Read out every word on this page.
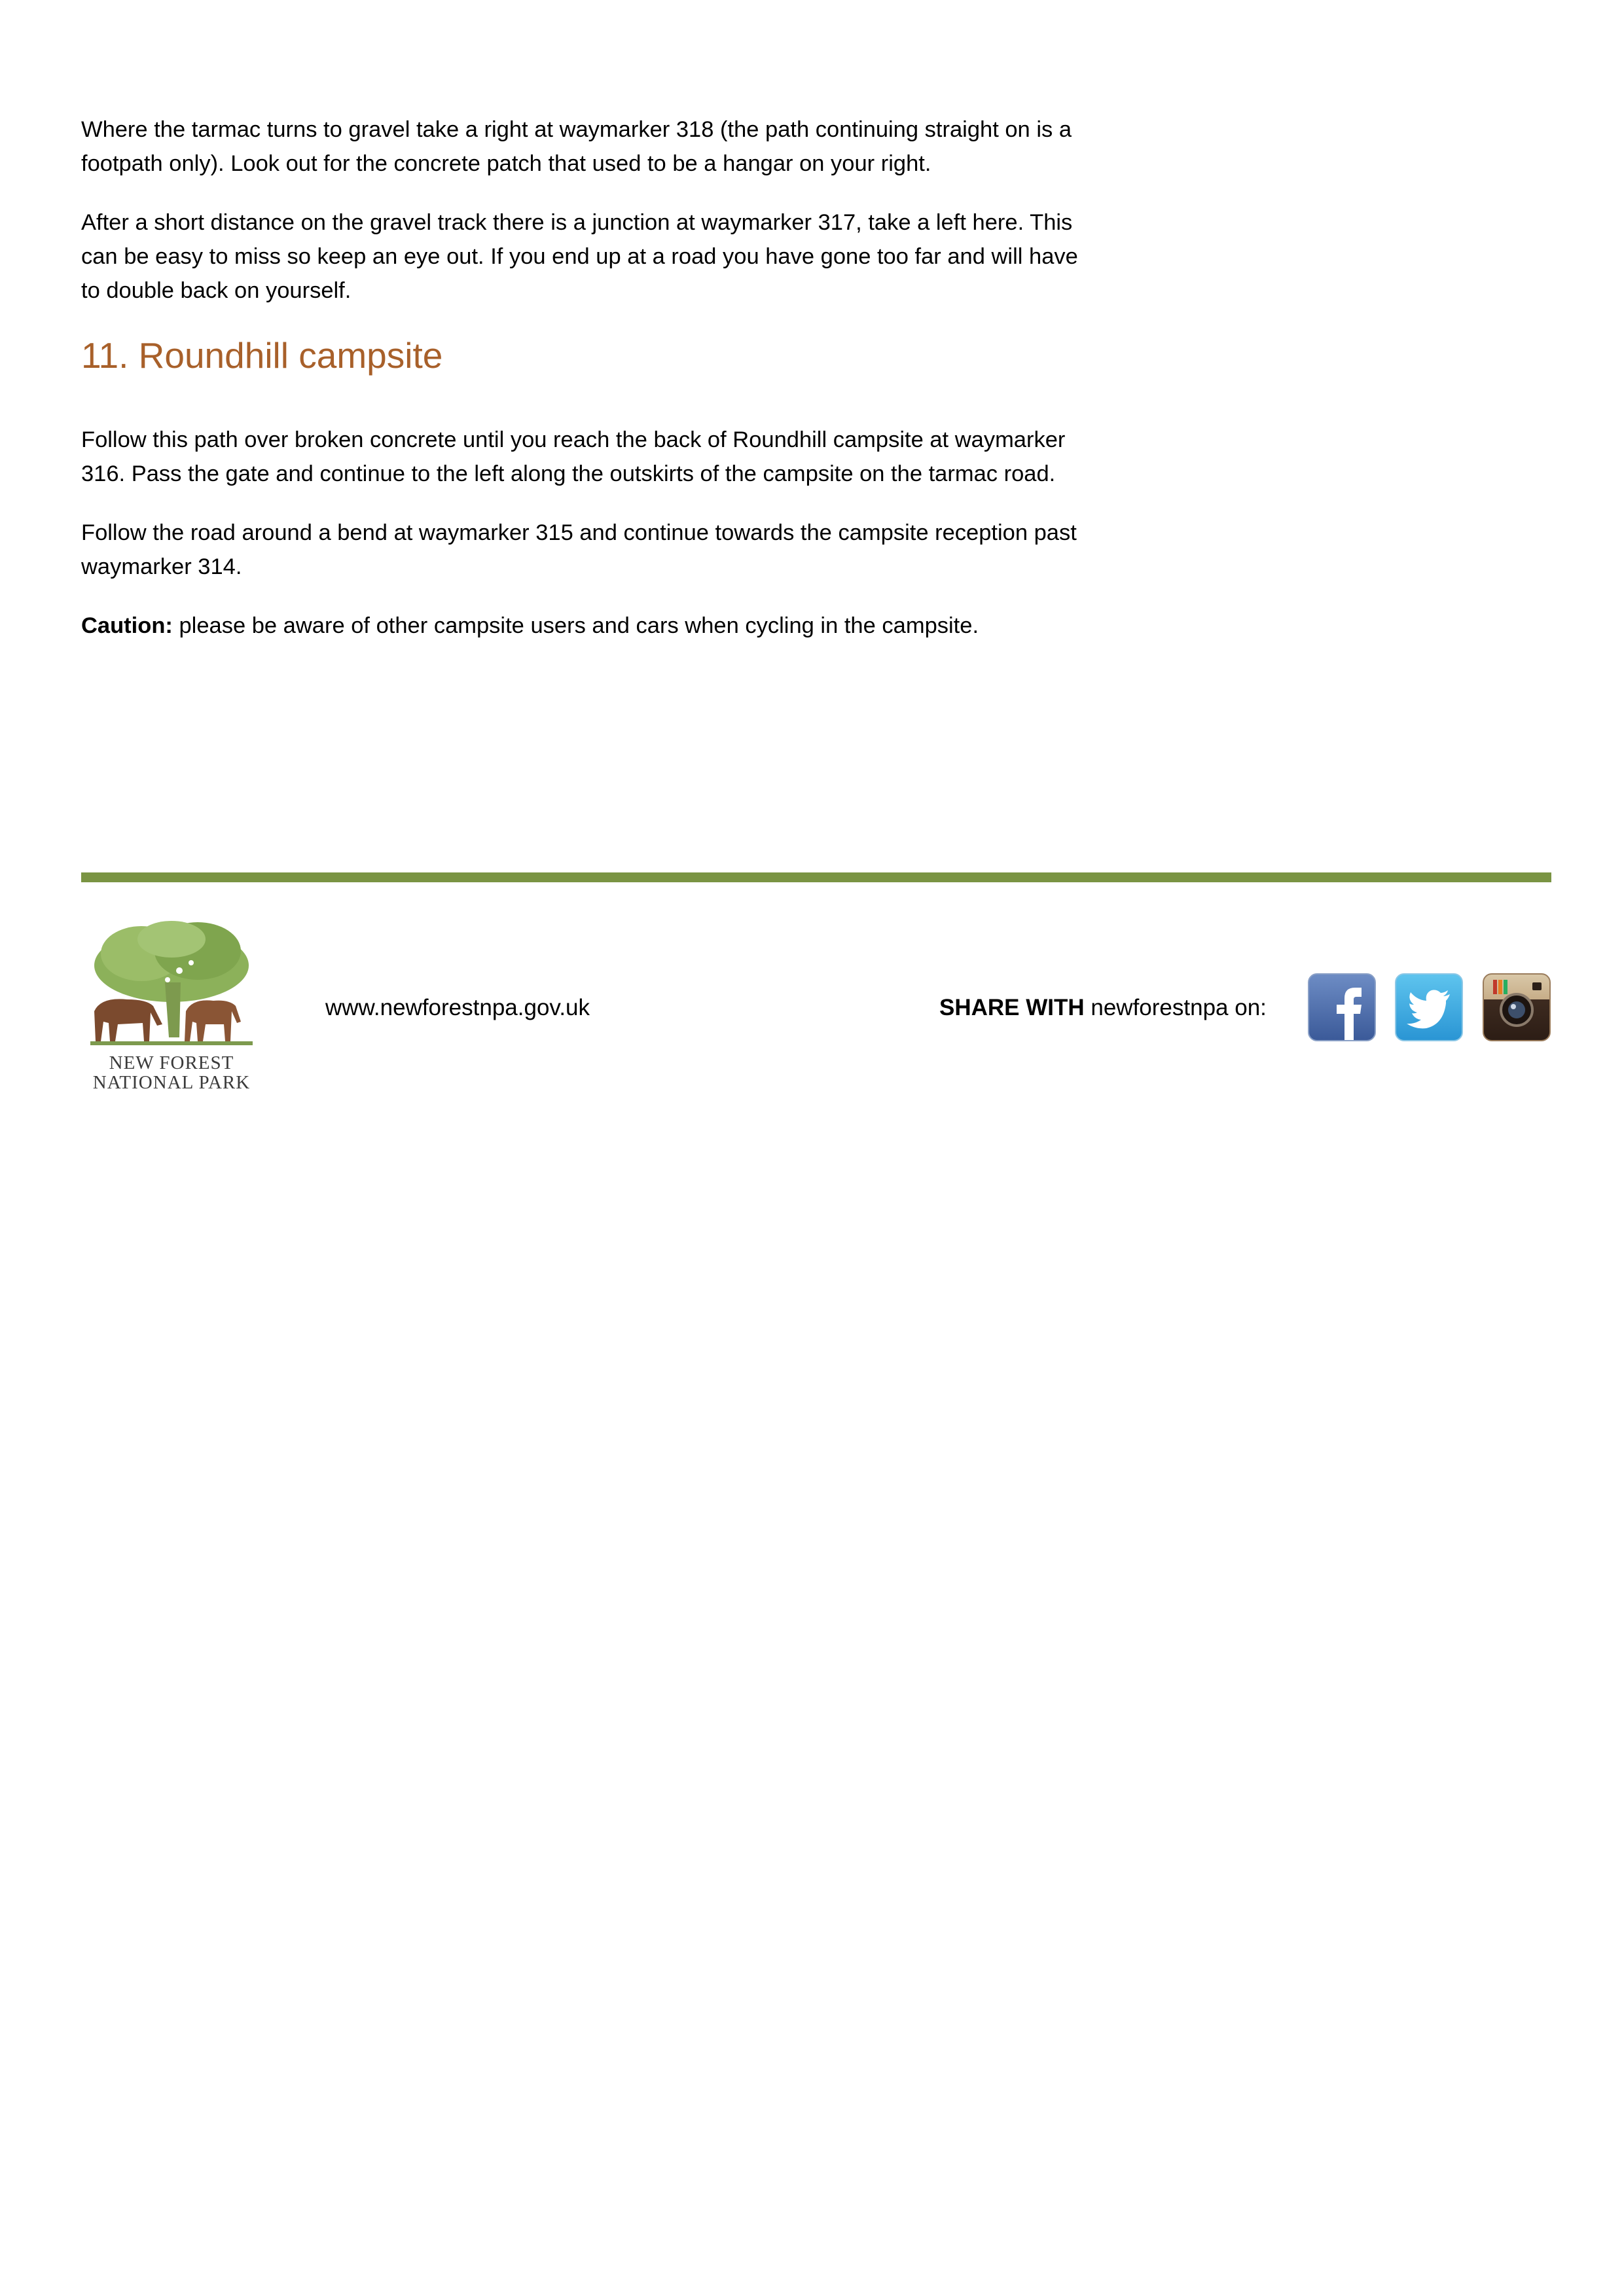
Where the tarmac turns to gravel take a right at waymarker 318 (the path continuing straight on is a footpath only). Look out for the concrete patch that used to be a hangar on your right.

After a short distance on the gravel track there is a junction at waymarker 317, take a left here. This can be easy to miss so keep an eye out. If you end up at a road you have gone too far and will have to double back on yourself.

11. Roundhill campsite

Follow this path over broken concrete until you reach the back of Roundhill campsite at waymarker 316. Pass the gate and continue to the left along the outskirts of the campsite on the tarmac road.

Follow the road around a bend at waymarker 315 and continue towards the campsite reception past waymarker 314.

Caution: please be aware of other campsite users and cars when cycling in the campsite.

NEW FOREST
NATIONAL PARK
www.newforestnpa.gov.uk	SHARE WITH newforestnpa on:
